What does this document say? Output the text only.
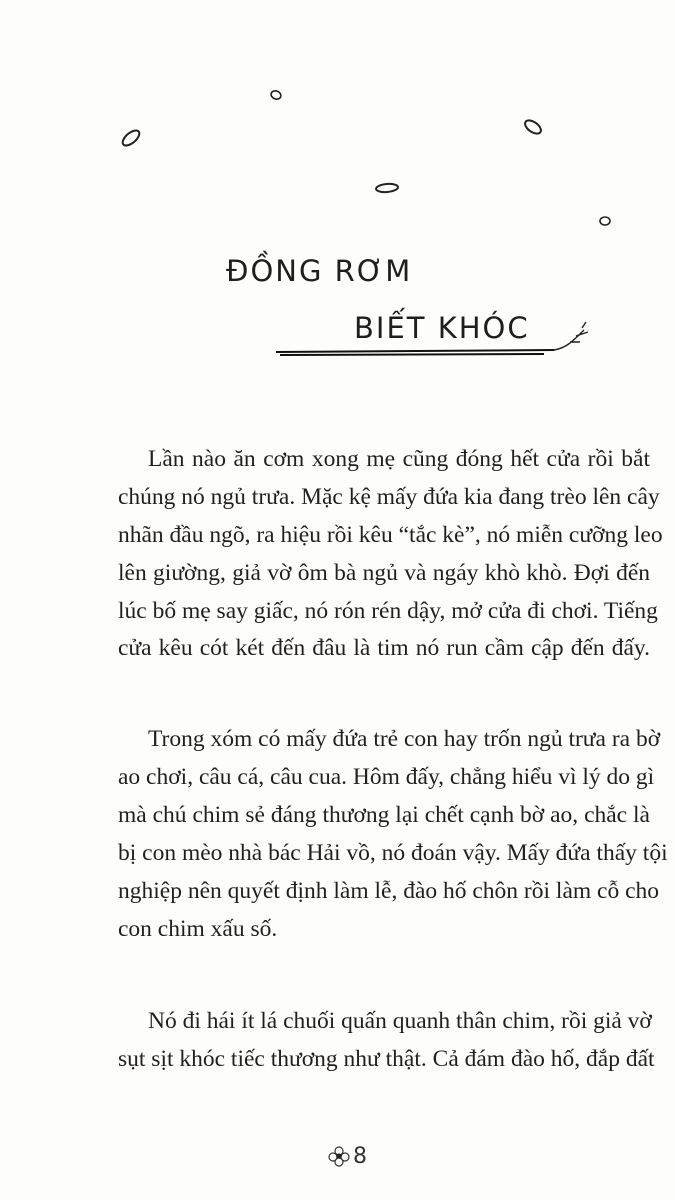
ĐỒNG RƠM
BIẾT KHÓC
Lần nào ăn cơm xong mẹ cũng đóng hết cửa rồi bắt
chúng nó ngủ trưa. Mặc kệ mấy đứa kia đang trèo lên cây
nhãn đầu ngõ, ra hiệu rồi kêu “tắc kè”, nó miễn cưỡng leo
lên giường, giả vờ ôm bà ngủ và ngáy khò khò. Đợi đến
lúc bố mẹ say giấc, nó rón rén dậy, mở cửa đi chơi. Tiếng
cửa kêu cót két đến đâu là tim nó run cầm cập đến đấy.
Trong xóm có mấy đứa trẻ con hay trốn ngủ trưa ra bờ
ao chơi, câu cá, câu cua. Hôm đấy, chẳng hiểu vì lý do gì
mà chú chim sẻ đáng thương lại chết cạnh bờ ao, chắc là
bị con mèo nhà bác Hải vồ, nó đoán vậy. Mấy đứa thấy tội
nghiệp nên quyết định làm lễ, đào hố chôn rồi làm cỗ cho
con chim xấu số.
Nó đi hái ít lá chuối quấn quanh thân chim, rồi giả vờ
sụt sịt khóc tiếc thương như thật. Cả đám đào hố, đắp đất
8
